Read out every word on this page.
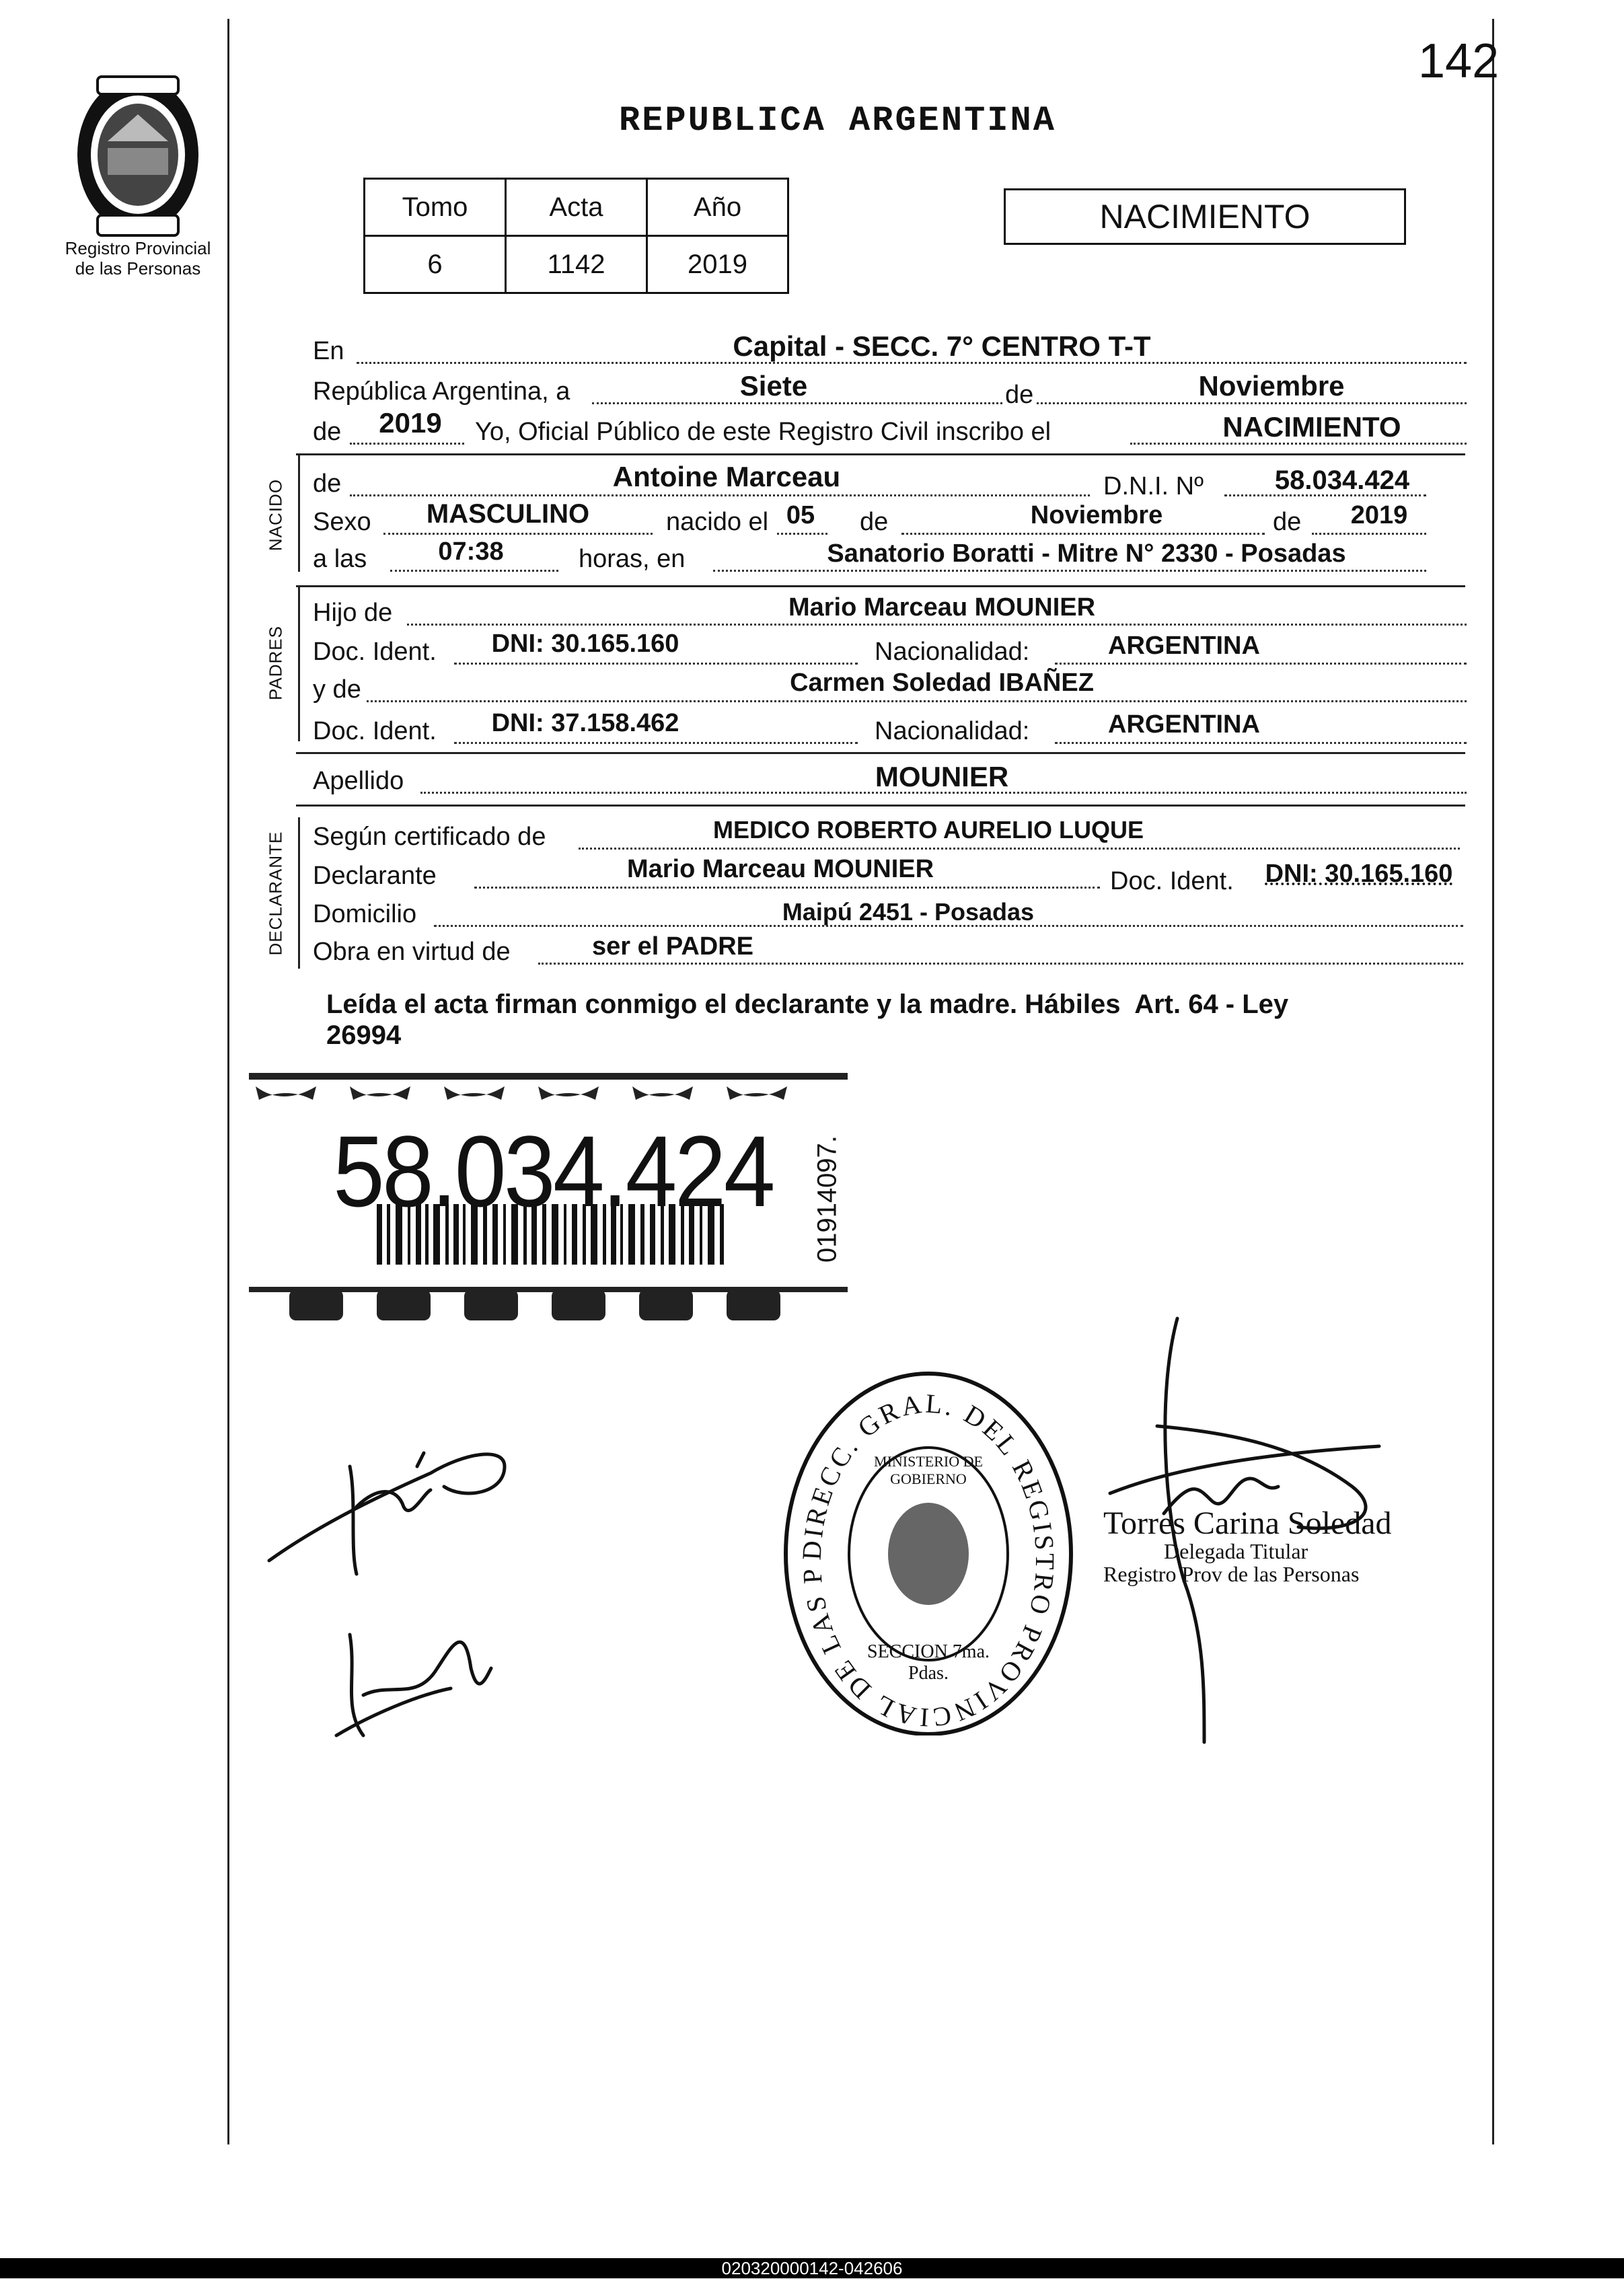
142
Registro Provincial
de las Personas
REPUBLICA ARGENTINA
Tomo	Acta	Año
6	1142	2019
NACIMIENTO
En	Capital - SECC. 7° CENTRO T-T
República Argentina, a	Siete	de	Noviembre
de	2019	Yo, Oficial Público de este Registro Civil inscribo el	NACIMIENTO
NACIDO de	Antoine Marceau	D.N.I. Nº	58.034.424
Sexo	MASCULINO	nacido el 05 de	Noviembre	de	2019
a las	07:38	horas, en	Sanatorio Boratti - Mitre N° 2330 - Posadas
PADRES
Hijo de	Mario Marceau MOUNIER
Doc. Ident.	DNI: 30.165.160	Nacionalidad:	ARGENTINA
y de	Carmen Soledad IBAÑEZ
Doc. Ident.	DNI: 37.158.462	Nacionalidad:	ARGENTINA
Apellido	MOUNIER
DECLARANTE Según certificado de	MEDICO ROBERTO AURELIO LUQUE
Declarante	Mario Marceau MOUNIER	Doc. Ident.	DNI: 30.165.160
Domicilio	Maipú 2451 - Posadas
Obra en virtud de	ser el PADRE
Leída el acta firman conmigo el declarante y la madre. Hábiles  Art. 64 - Ley
26994
58.034.424 01914097.
DIRECC. GRAL. DEL REGISTRO PROVINCIAL DE LAS P
MINISTERIO DE GOBIERNO
SECCION 7ma. Pdas.
Torres Carina Soledad
Delegada Titular
Registro Prov de las Personas
020320000142-042606
